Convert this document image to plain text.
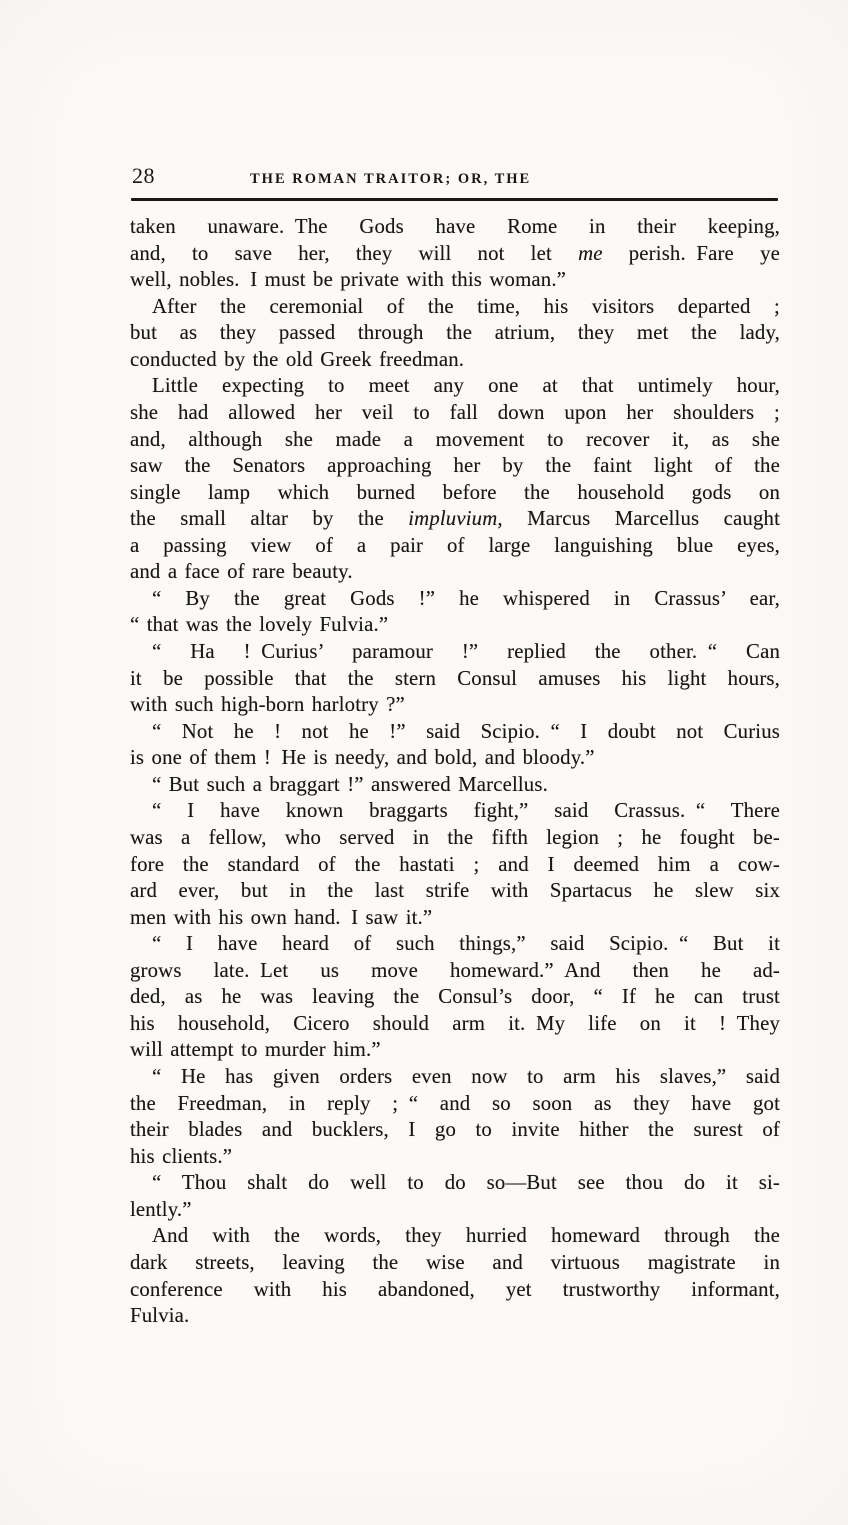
28	THE ROMAN TRAITOR; OR, THE
taken unaware. The Gods have Rome in their keeping,
and, to save her, they will not let me perish. Fare ye
well, nobles. I must be private with this woman.”
After the ceremonial of the time, his visitors departed ;
but as they passed through the atrium, they met the lady,
conducted by the old Greek freedman.
Little expecting to meet any one at that untimely hour,
she had allowed her veil to fall down upon her shoulders ;
and, although she made a movement to recover it, as she
saw the Senators approaching her by the faint light of the
single lamp which burned before the household gods on
the small altar by the impluvium, Marcus Marcellus caught
a passing view of a pair of large languishing blue eyes,
and a face of rare beauty.
“ By the great Gods !” he whispered in Crassus’ ear,
“ that was the lovely Fulvia.”
“ Ha ! Curius’ paramour !” replied the other. “ Can
it be possible that the stern Consul amuses his light hours,
with such high-born harlotry ?”
“ Not he ! not he !” said Scipio. “ I doubt not Curius
is one of them ! He is needy, and bold, and bloody.”
“ But such a braggart !” answered Marcellus.
“ I have known braggarts fight,” said Crassus. “ There
was a fellow, who served in the fifth legion ; he fought be-
fore the standard of the hastati ; and I deemed him a cow-
ard ever, but in the last strife with Spartacus he slew six
men with his own hand. I saw it.”
“ I have heard of such things,” said Scipio. “ But it
grows late. Let us move homeward.” And then he ad-
ded, as he was leaving the Consul’s door, “ If he can trust
his household, Cicero should arm it. My life on it ! They
will attempt to murder him.”
“ He has given orders even now to arm his slaves,” said
the Freedman, in reply ; “ and so soon as they have got
their blades and bucklers, I go to invite hither the surest of
his clients.”
“ Thou shalt do well to do so—But see thou do it si-
lently.”
And with the words, they hurried homeward through the
dark streets, leaving the wise and virtuous magistrate in
conference with his abandoned, yet trustworthy informant,
Fulvia.
